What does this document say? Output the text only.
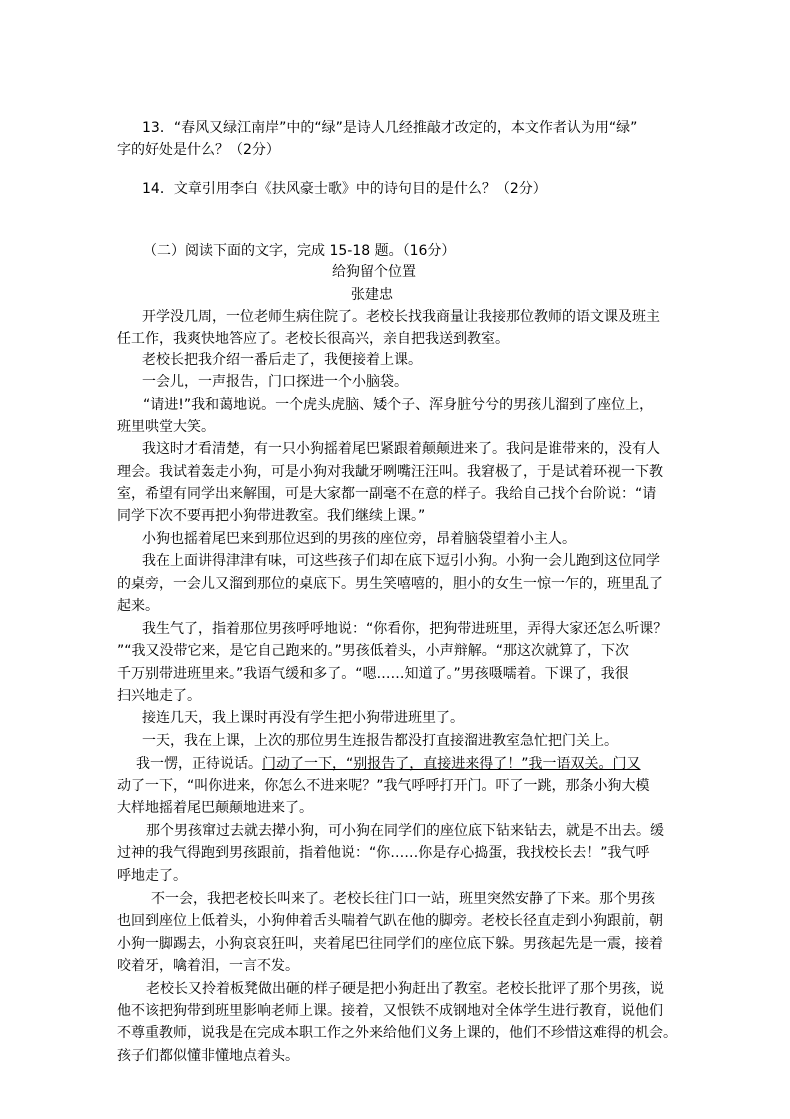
13．“春风又绿江南岸”中的“绿”是诗人几经推敲才改定的，本文作者认为用“绿”
字的好处是什么？（2分）
14．文章引用李白《扶风豪士歌》中的诗句目的是什么？（2分）
（二）阅读下面的文字，完成 15-18 题。（16分）
给狗留个位置
张建忠
开学没几周，一位老师生病住院了。老校长找我商量让我接那位教师的语文课及班主
任工作，我爽快地答应了。老校长很高兴，亲自把我送到教室。
老校长把我介绍一番后走了，我便接着上课。
一会儿，一声报告，门口探进一个小脑袋。
“请进!”我和蔼地说。一个虎头虎脑、矮个子、浑身脏兮兮的男孩儿溜到了座位上，
班里哄堂大笑。
我这时才看清楚，有一只小狗摇着尾巴紧跟着颠颠进来了。我问是谁带来的，没有人
理会。我试着轰走小狗，可是小狗对我龇牙咧嘴汪汪叫。我窘极了，于是试着环视一下教
室，希望有同学出来解围，可是大家都一副毫不在意的样子。我给自己找个台阶说：“请
同学下次不要再把小狗带进教室。我们继续上课。”
小狗也摇着尾巴来到那位迟到的男孩的座位旁，昂着脑袋望着小主人。
我在上面讲得津津有味，可这些孩子们却在底下逗引小狗。小狗一会儿跑到这位同学
的桌旁，一会儿又溜到那位的桌底下。男生笑嘻嘻的，胆小的女生一惊一乍的，班里乱了
起来。
我生气了，指着那位男孩呼呼地说：“你看你，把狗带进班里，弄得大家还怎么听课？
”“我又没带它来，是它自己跑来的。”男孩低着头，小声辩解。“那这次就算了，下次
千万别带进班里来。”我语气缓和多了。“嗯……知道了。”男孩嗫嚅着。下课了，我很
扫兴地走了。
接连几天，我上课时再没有学生把小狗带进班里了。
一天，我在上课，上次的那位男生连报告都没打直接溜进教室急忙把门关上。
我一愣，正待说话。门动了一下，“别报告了，直接进来得了！”我一语双关。门又
动了一下，“叫你进来，你怎么不进来呢？”我气呼呼打开门。吓了一跳，那条小狗大模
大样地摇着尾巴颠颠地进来了。
那个男孩窜过去就去撵小狗，可小狗在同学们的座位底下钻来钻去，就是不出去。缓
过神的我气得跑到男孩跟前，指着他说：“你……你是存心捣蛋，我找校长去！”我气呼
呼地走了。
不一会，我把老校长叫来了。老校长往门口一站，班里突然安静了下来。那个男孩
也回到座位上低着头，小狗伸着舌头喘着气趴在他的脚旁。老校长径直走到小狗跟前，朝
小狗一脚踢去，小狗哀哀狂叫，夹着尾巴往同学们的座位底下躲。男孩起先是一震，接着
咬着牙，噙着泪，一言不发。
老校长又拎着板凳做出砸的样子硬是把小狗赶出了教室。老校长批评了那个男孩，说
他不该把狗带到班里影响老师上课。接着，又恨铁不成钢地对全体学生进行教育，说他们
不尊重教师，说我是在完成本职工作之外来给他们义务上课的，他们不珍惜这难得的机会。
孩子们都似懂非懂地点着头。
